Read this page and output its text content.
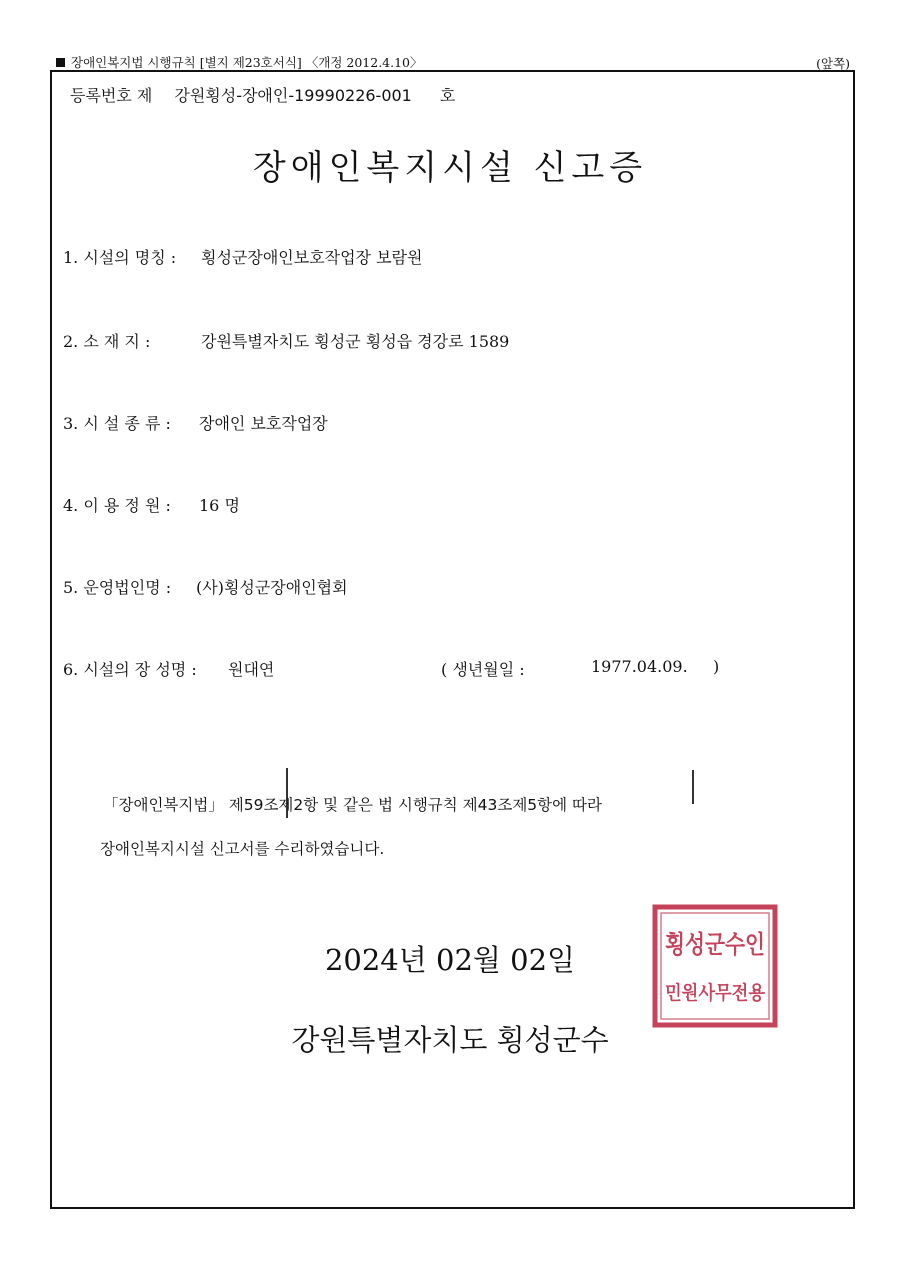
장애인복지법 시행규칙 [별지 제23호서식] 〈개정 2012.4.10〉	(앞쪽)
등록번호 제 강원횡성-장애인-19990226-001 호
장애인복지시설 신고증
1. 시설의 명칭 : 횡성군장애인보호작업장 보람원
2. 소 재 지 :	강원특별자치도 횡성군 횡성읍 경강로 1589
3. 시 설 종 류 : 장애인 보호작업장
4. 이 용 정 원 : 16 명
5. 운영법인명 : (사)횡성군장애인협회
6. 시설의 장 성명 : 원대연	( 생년월일 :	1977.04.09. )
「장애인복지법」 제59조제2항 및 같은 법 시행규칙 제43조제5항에 따라
장애인복지시설 신고서를 수리하였습니다.
2024년 02월 02일
강원특별자치도 횡성군수
횡성군수인
민원사무전용
